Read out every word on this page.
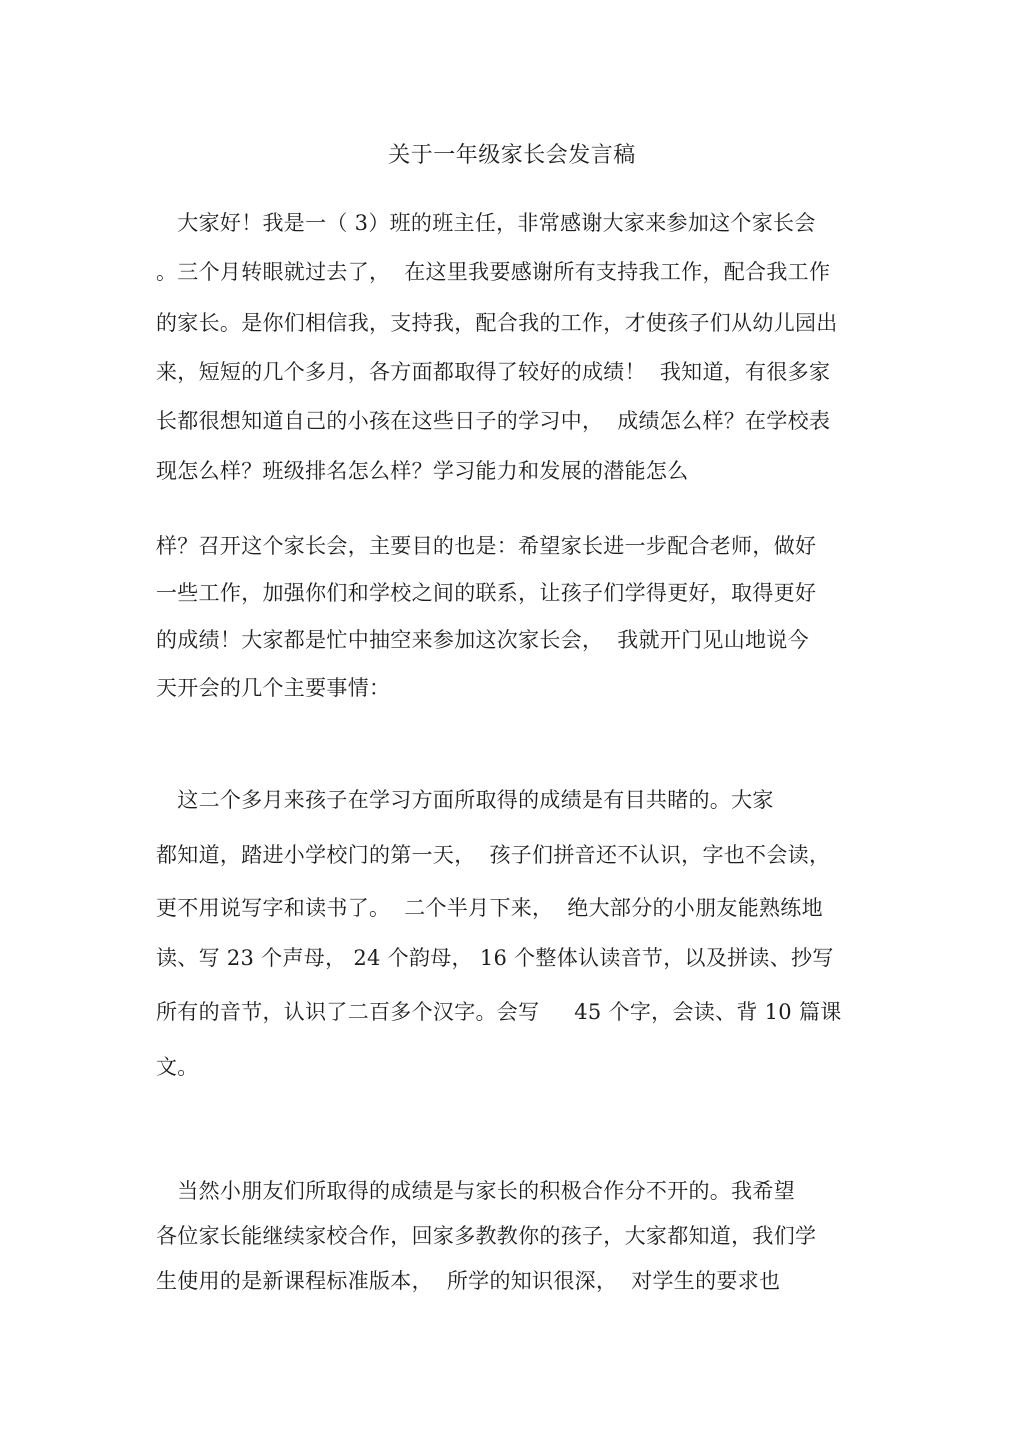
关于一年级家长会发言稿
　大家好！我是一（ 3）班的班主任，非常感谢大家来参加这个家长会
。三个月转眼就过去了，  在这里我要感谢所有支持我工作，配合我工作
的家长。是你们相信我，支持我，配合我的工作，才使孩子们从幼儿园出
来，短短的几个多月，各方面都取得了较好的成绩！  我知道，有很多家
长都很想知道自己的小孩在这些日子的学习中，  成绩怎么样？在学校表
现怎么样？班级排名怎么样？学习能力和发展的潜能怎么
样？召开这个家长会，主要目的也是：希望家长进一步配合老师，做好
一些工作，加强你们和学校之间的联系，让孩子们学得更好，取得更好
的成绩！大家都是忙中抽空来参加这次家长会，  我就开门见山地说今
天开会的几个主要事情：
　这二个多月来孩子在学习方面所取得的成绩是有目共睹的。大家
都知道，踏进小学校门的第一天，  孩子们拼音还不认识，字也不会读，
更不用说写字和读书了。  二个半月下来，  绝大部分的小朋友能熟练地
读、写 23 个声母， 24 个韵母， 16 个整体认读音节，以及拼读、抄写
所有的音节，认识了二百多个汉字。会写     45 个字，会读、背 10 篇课
文。
　当然小朋友们所取得的成绩是与家长的积极合作分不开的。我希望
各位家长能继续家校合作，回家多教教你的孩子，大家都知道，我们学
生使用的是新课程标准版本，  所学的知识很深，  对学生的要求也
